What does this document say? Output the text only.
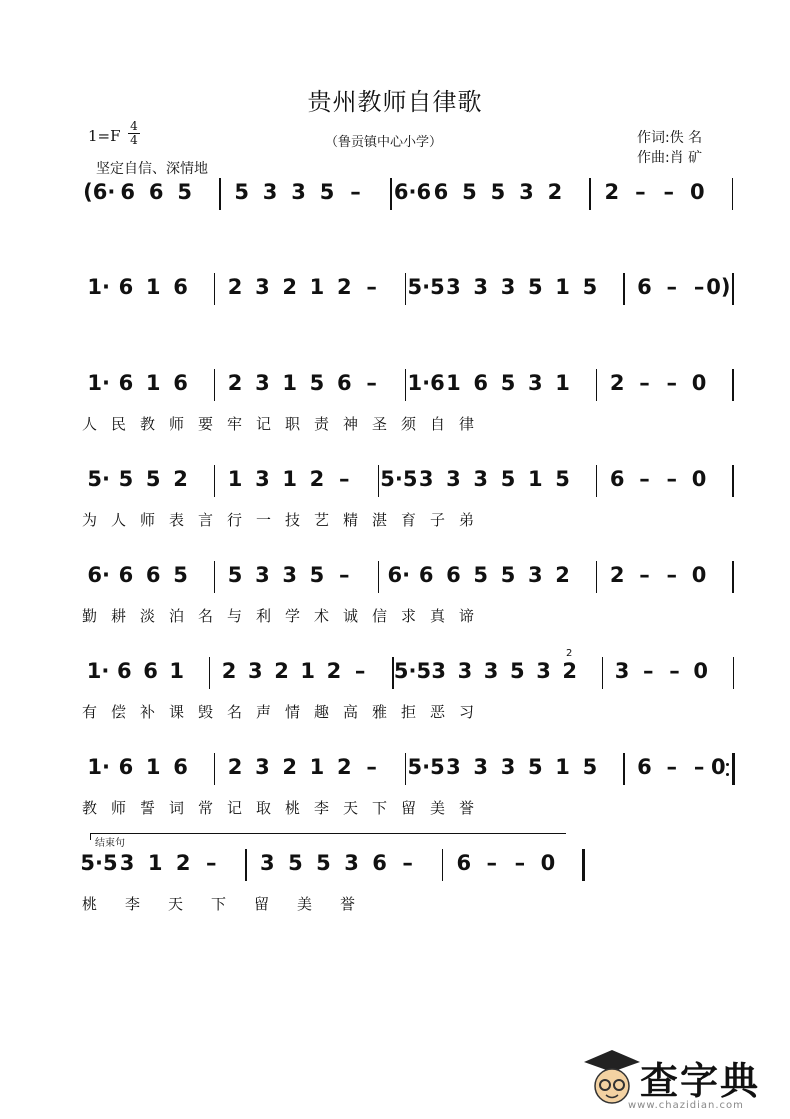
贵州教师自律歌
1=F
4
4	（鲁贡镇中心小学）	作词:佚 名
作曲:肖 矿
坚定自信、深情地
(6· 6 6 5 5 3 3 5 – 6·6 6 5 5 3 2 2 – – 0
1· 6 1 6 2 3 2 1 2 – 5·5 3 3 3 5 1 5 6 – – 0)
1· 6 1 6 2 3 1 5 6 – 1·6 1 6 5 3 1 2 – – 0
5· 5 5 2 1 3 1 2 – 5·5 3 3 3 5 1 5 6 – – 0
6· 6 6 5 5 3 3 5 – 6· 6 6 5 5 3 2 2 – – 0
1· 6 6 1 2 3 2 1 2 – 5·5 3 3 3 5 3 2 3 – – 0
1· 6 1 6 2 3 2 1 2 – 5·5 3 3 3 5 1 5 6 – – 0
5·5 3 1 2 – 3 5 5 3 6 – 6 – – 0
人民教师要牢记职责神圣须自律
为人师表言行一技艺精湛育子弟
勤耕淡泊名与利学术诚信求真谛
有偿补课毁名声情趣高雅拒恶习
教师誓词常记取桃李天下留美誉
桃李天下留美誉
结束句
2
查字典
www.chazidian.com
